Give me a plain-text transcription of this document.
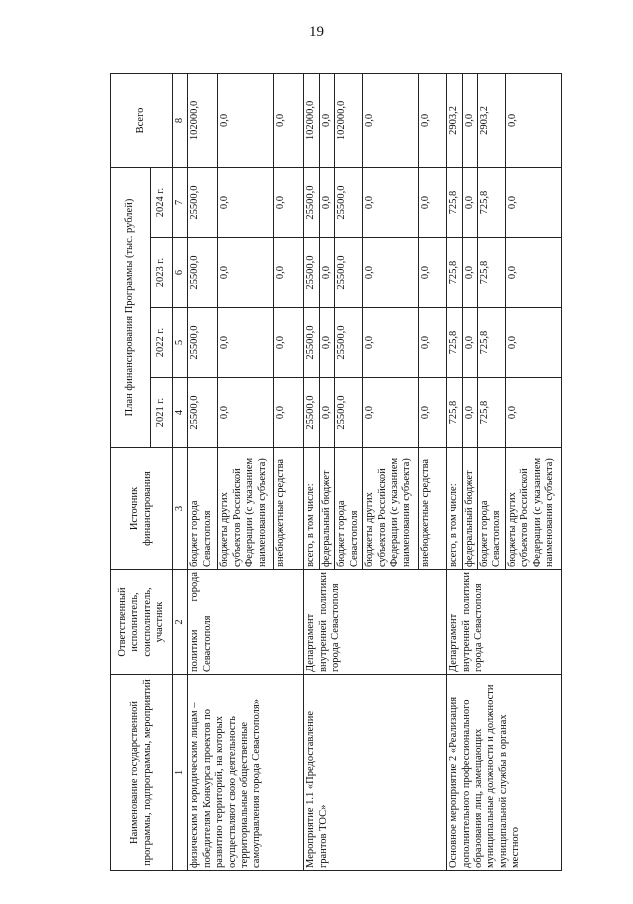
19
Наименование государственной программы, подпрограммы, мероприятий	Ответственный исполнитель, соисполнитель, участник	Источник финансирования	План финансирования Программы (тыс. рублей)				Всего
			2021 г.	2022 г.	2023 г.	2024 г.	
1	2	3	4	5	6	7	8

физическим и юридическим лицам – победителям Конкурса проектов по развитию территорий, на которых осуществляют свою деятельность территориальные общественные самоуправления города Севастополя»	политики города Севастополя	бюджет города Севастополя	25500,0	25500,0	25500,0	25500,0	102000,0
		бюджеты других субъектов Российской Федерации (с указанием наименования субъекта)	0,0	0,0	0,0	0,0	0,0
		внебюджетные средства	0,0	0,0	0,0	0,0	0,0

Мероприятие 1.1 «Предоставление грантов ТОС»	Департамент внутренней политики города Севастополя	всего, в том числе:	25500,0	25500,0	25500,0	25500,0	102000,0
		федеральный бюджет	0,0	0,0	0,0	0,0	0,0
		бюджет города Севастополя	25500,0	25500,0	25500,0	25500,0	102000,0
		бюджеты других субъектов Российской Федерации (с указанием наименования субъекта)	0,0	0,0	0,0	0,0	0,0
		внебюджетные средства	0,0	0,0	0,0	0,0	0,0

Основное мероприятие 2 «Реализация дополнительного профессионального образования лиц, замещающих муниципальные должности и должности муниципальной службы в органах местного	Департамент внутренней политики города Севастополя	всего, в том числе:	725,8	725,8	725,8	725,8	2903,2
		федеральный бюджет	0,0	0,0	0,0	0,0	0,0
		бюджет города Севастополя	725,8	725,8	725,8	725,8	2903,2
		бюджеты других субъектов Российской Федерации (с указанием наименования субъекта)	0,0	0,0	0,0	0,0	0,0
